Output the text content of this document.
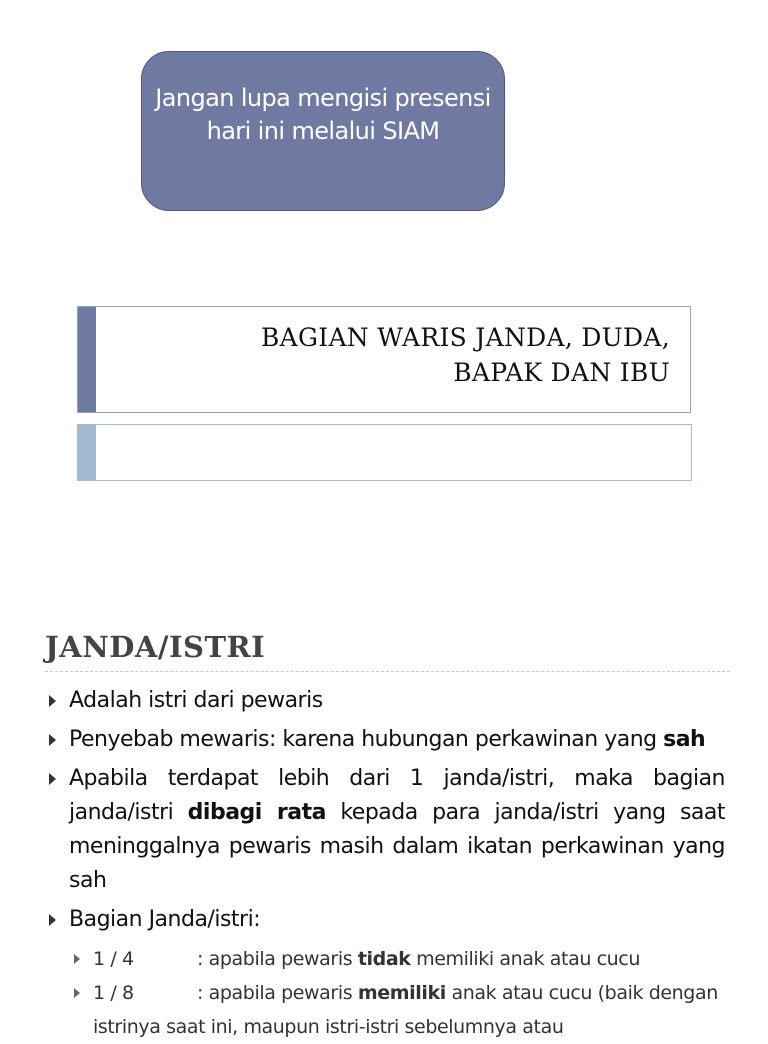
Jangan lupa mengisi presensi hari ini melalui SIAM
BAGIAN WARIS JANDA, DUDA,
BAPAK DAN IBU
JANDA/ISTRI
Adalah istri dari pewaris
Penyebab mewaris: karena hubungan perkawinan yang sah
Apabila terdapat lebih dari 1 janda/istri, maka bagian janda/istri dibagi rata kepada para janda/istri yang saat meninggalnya pewaris masih dalam ikatan perkawinan yang sah
Bagian Janda/istri:
1 / 4	: apabila pewaris tidak memiliki anak atau cucu
1 / 8	: apabila pewaris memiliki anak atau cucu (baik dengan istrinya saat ini, maupun istri-istri sebelumnya atau
